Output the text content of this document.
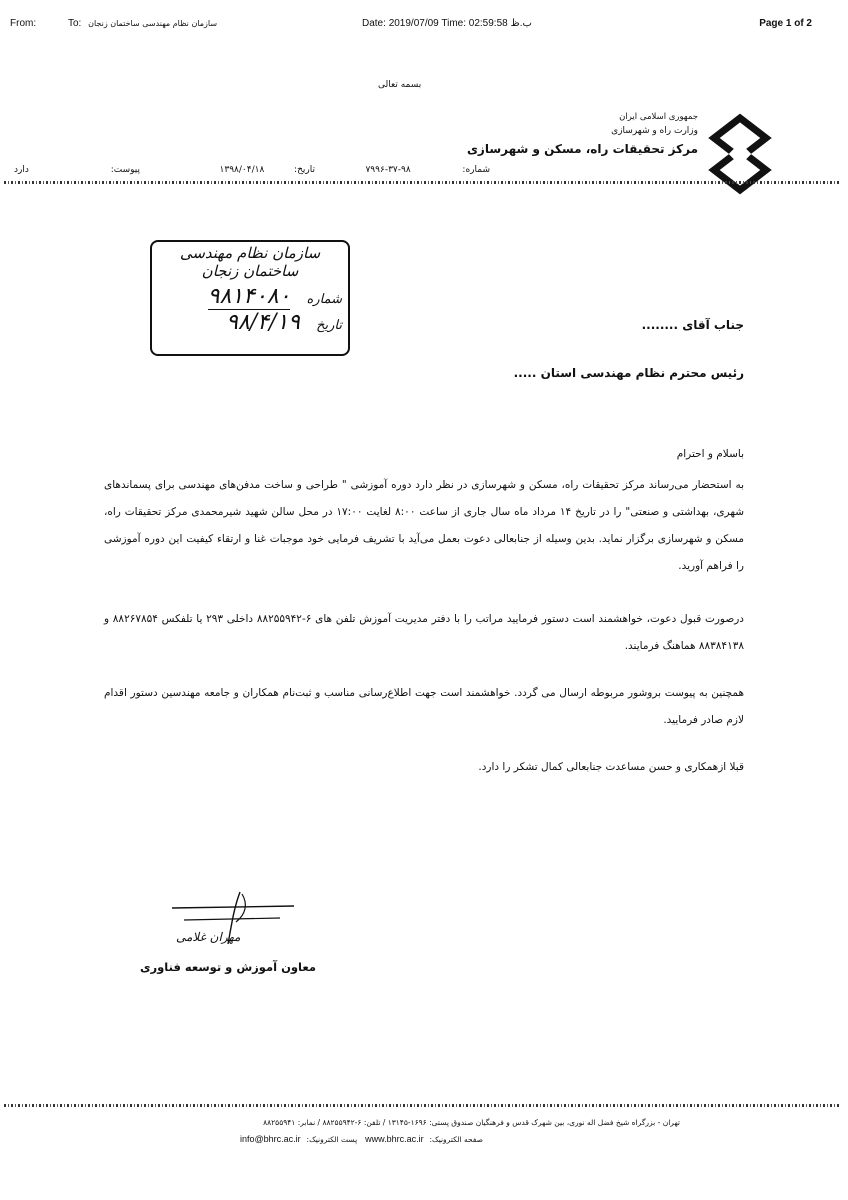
From:	To: سازمان نظام مهندسی ساختمان زنجان	Date: 2019/07/09 Time: 02:59:58 ب.ظ	Page 1 of 2
بسمه تعالی
جمهوری اسلامی ایران
وزارت راه و شهرسازی
مرکز تحقیقات راه، مسکن و شهرسازی
شماره:  ۹۸-۳۷-۷۹۹۶
تاریخ:  ۱۳۹۸/۰۴/۱۸
پیوست:
دارد
سازمان نظام مهندسی ساختمان زنجان
شماره ۹۸۱۴۰۸۰
تاریخ ۹۸/۴/۱۹	جناب آقای ........
رئیس محترم نظام مهندسی استان .....
باسلام و احترام
به استحضار می‌رساند مرکز تحقیقات راه، مسکن و شهرسازی در نظر دارد دوره آموزشی " طراحی و ساخت مدفن‌های مهندسی برای پسماندهای شهری، بهداشتی و صنعتی" را در تاریخ ۱۴ مرداد ماه سال جاری از ساعت ۸:۰۰ لغایت ۱۷:۰۰ در محل سالن شهید شیرمحمدی مرکز تحقیقات راه، مسکن و شهرسازی برگزار نماید. بدین وسیله از جنابعالی دعوت بعمل می‌آید با تشریف فرمایی خود موجبات غنا و ارتقاء کیفیت این دوره آموزشی را فراهم آورید.
درصورت قبول دعوت، خواهشمند است دستور فرمایید مراتب را با دفتر مدیریت آموزش تلفن های ۶-۸۸۲۵۵۹۴۲ داخلی ۲۹۳ یا تلفکس ۸۸۲۶۷۸۵۴ و ۸۸۳۸۴۱۳۸ هماهنگ فرمایند.
همچنین به پیوست بروشور مربوطه ارسال می گردد. خواهشمند است جهت اطلاع‌رسانی مناسب و ثبت‌نام همکاران و جامعه مهندسین دستور اقدام لازم صادر فرمایید.
قبلا ازهمکاری و حسن مساعدت جنابعالی کمال تشکر را دارد.
مهران غلامی
معاون آموزش و توسعه فناوری
تهران - بزرگراه شیخ فضل اله نوری، بین شهرک قدس و فرهنگیان صندوق پستی: ۱۶۹۶-۱۳۱۴۵ / تلفن: ۶-۸۸۲۵۵۹۴۲ / نمابر: ۸۸۲۵۵۹۴۱
info@bhrc.ac.ir پست الکترونیک: www.bhrc.ac.ir صفحه الکترونیک:
